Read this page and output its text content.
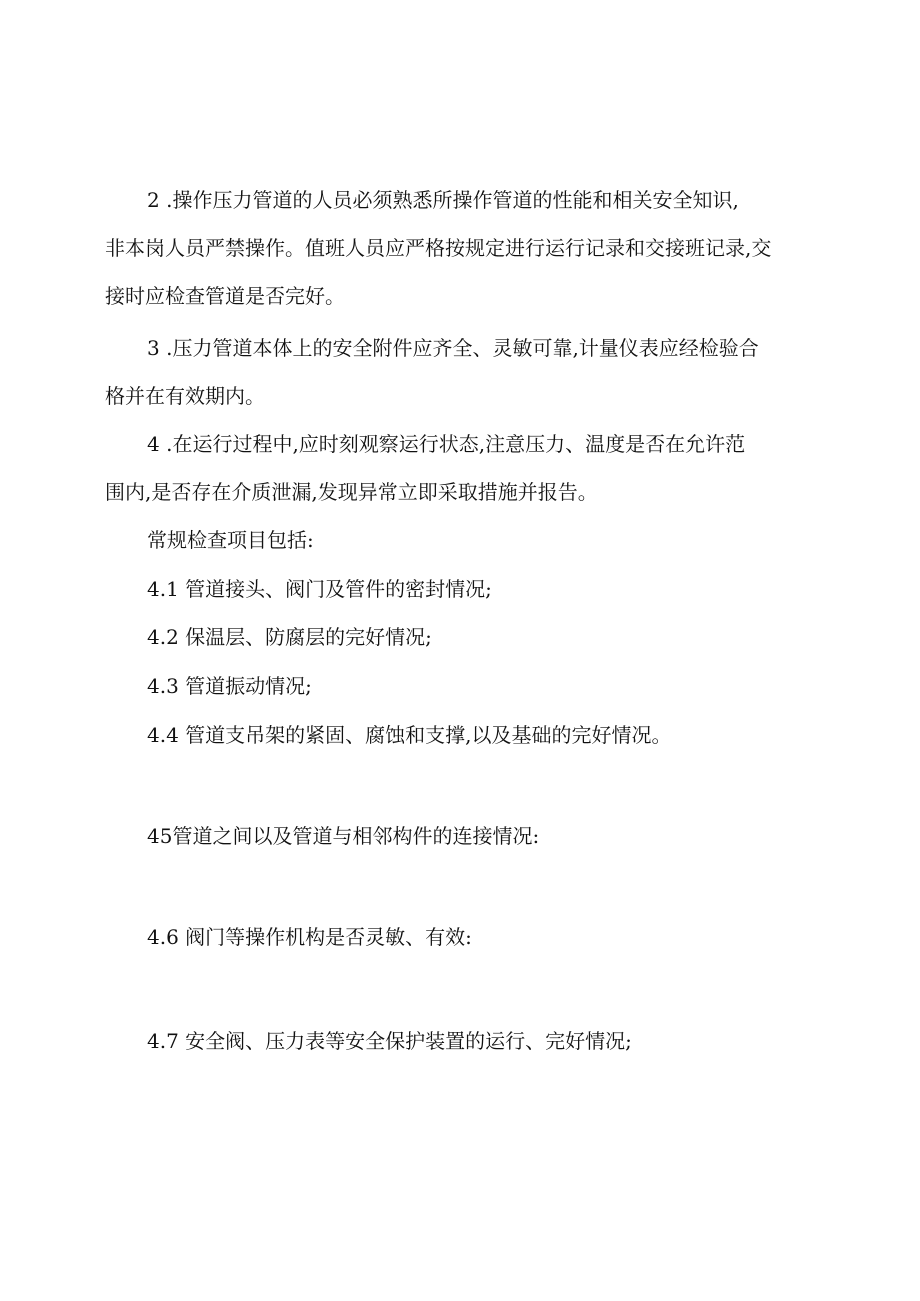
2 .操作压力管道的人员必须熟悉所操作管道的性能和相关安全知识,
非本岗人员严禁操作。值班人员应严格按规定进行运行记录和交接班记录,交
接时应检查管道是否完好。
3 .压力管道本体上的安全附件应齐全、灵敏可靠,计量仪表应经检验合
格并在有效期内。
4 .在运行过程中,应时刻观察运行状态,注意压力、温度是否在允许范
围内,是否存在介质泄漏,发现异常立即采取措施并报告。

常规检查项目包括:

4.1 管道接头、阀门及管件的密封情况;

4.2 保温层、防腐层的完好情况;

4.3 管道振动情况;

4.4 管道支吊架的紧固、腐蚀和支撑,以及基础的完好情况。

45管道之间以及管道与相邻构件的连接情况:

4.6 阀门等操作机构是否灵敏、有效:

4.7 安全阀、压力表等安全保护装置的运行、完好情况;
